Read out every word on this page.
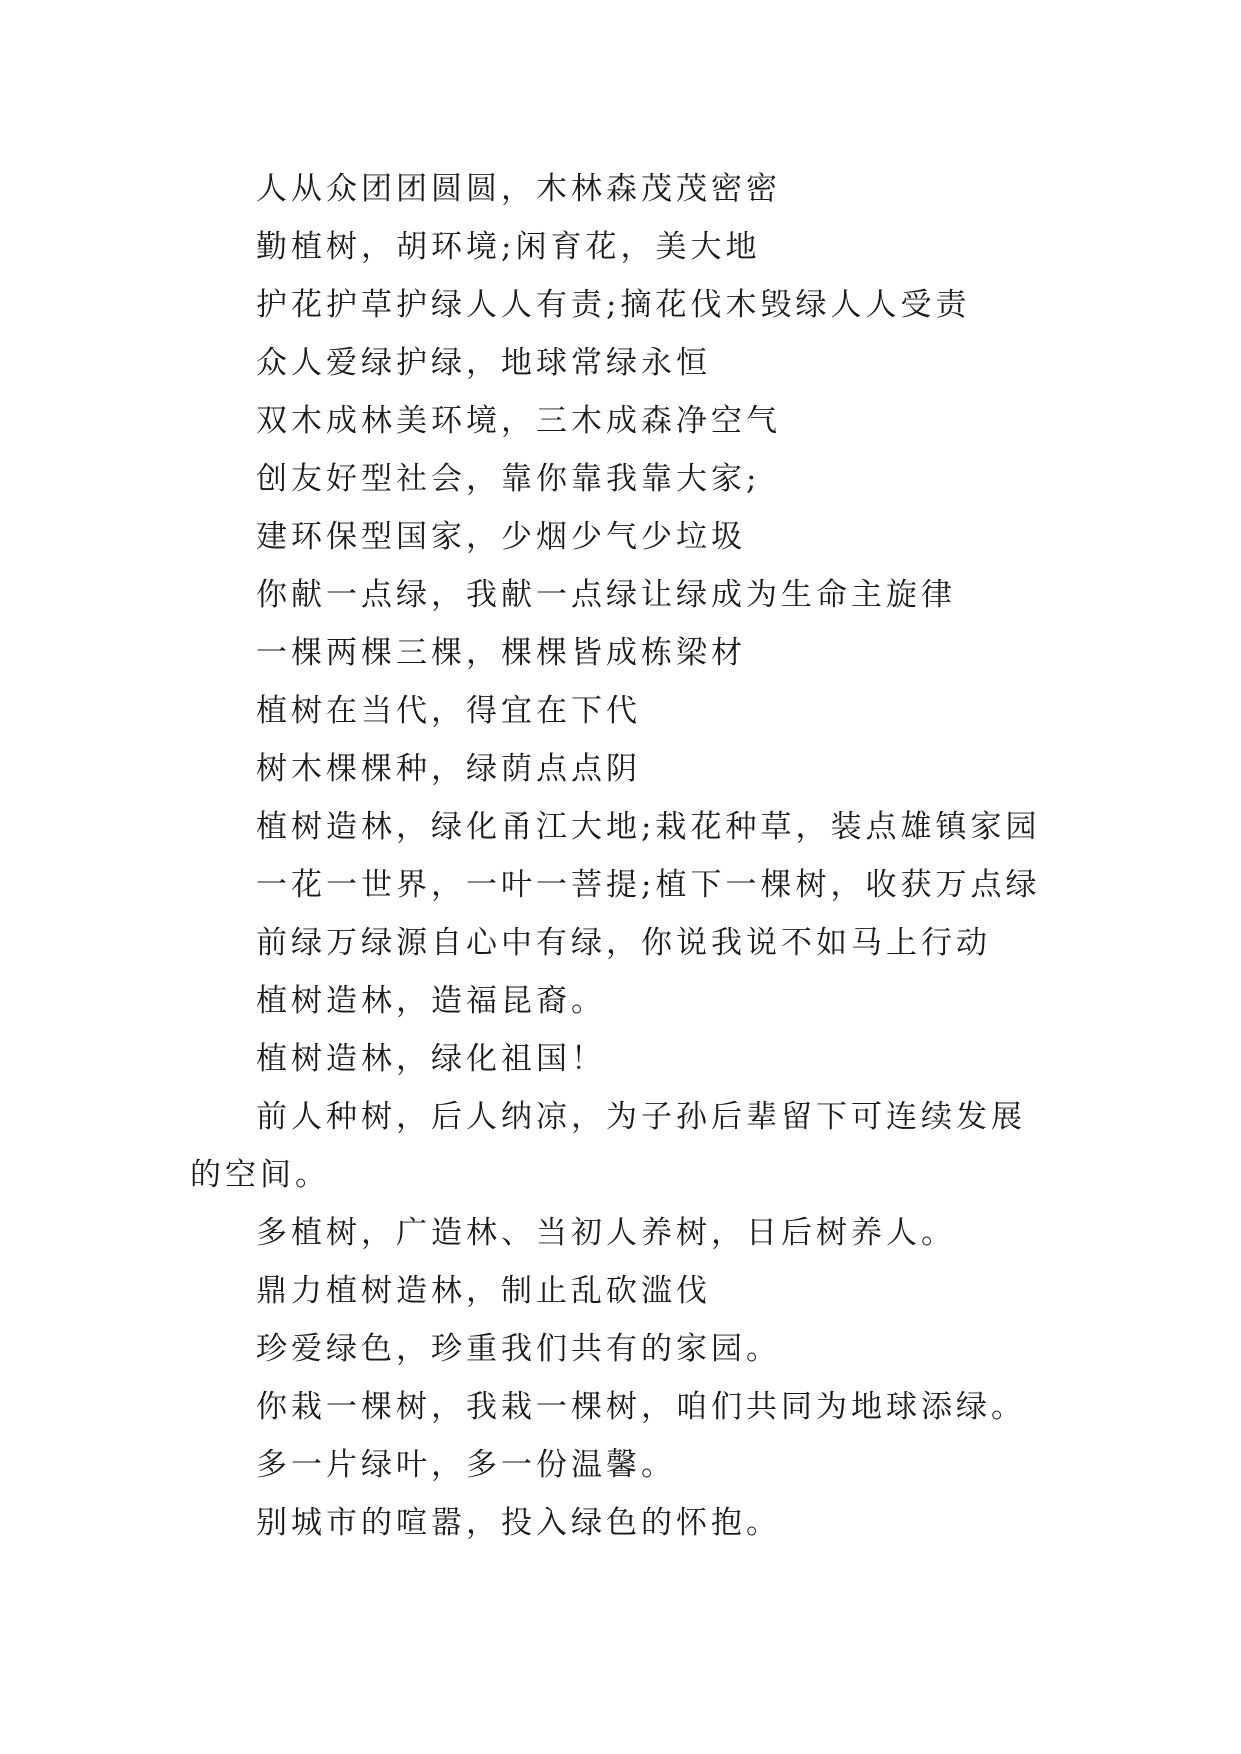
人从众团团圆圆，木林森茂茂密密

勤植树，胡环境;闲育花，美大地

护花护草护绿人人有责;摘花伐木毁绿人人受责

众人爱绿护绿，地球常绿永恒

双木成林美环境，三木成森净空气

创友好型社会，靠你靠我靠大家;

建环保型国家，少烟少气少垃圾

你献一点绿，我献一点绿让绿成为生命主旋律

一棵两棵三棵，棵棵皆成栋梁材

植树在当代，得宜在下代

树木棵棵种，绿荫点点阴

植树造林，绿化甬江大地;栽花种草，装点雄镇家园

一花一世界，一叶一菩提;植下一棵树，收获万点绿

前绿万绿源自心中有绿，你说我说不如马上行动

植树造林，造福昆裔。

植树造林，绿化祖国！

前人种树，后人纳凉，为子孙后辈留下可连续发展的空间。

多植树，广造林、当初人养树，日后树养人。

鼎力植树造林，制止乱砍滥伐

珍爱绿色，珍重我们共有的家园。

你栽一棵树，我栽一棵树，咱们共同为地球添绿。

多一片绿叶，多一份温馨。

别城市的喧嚣，投入绿色的怀抱。
